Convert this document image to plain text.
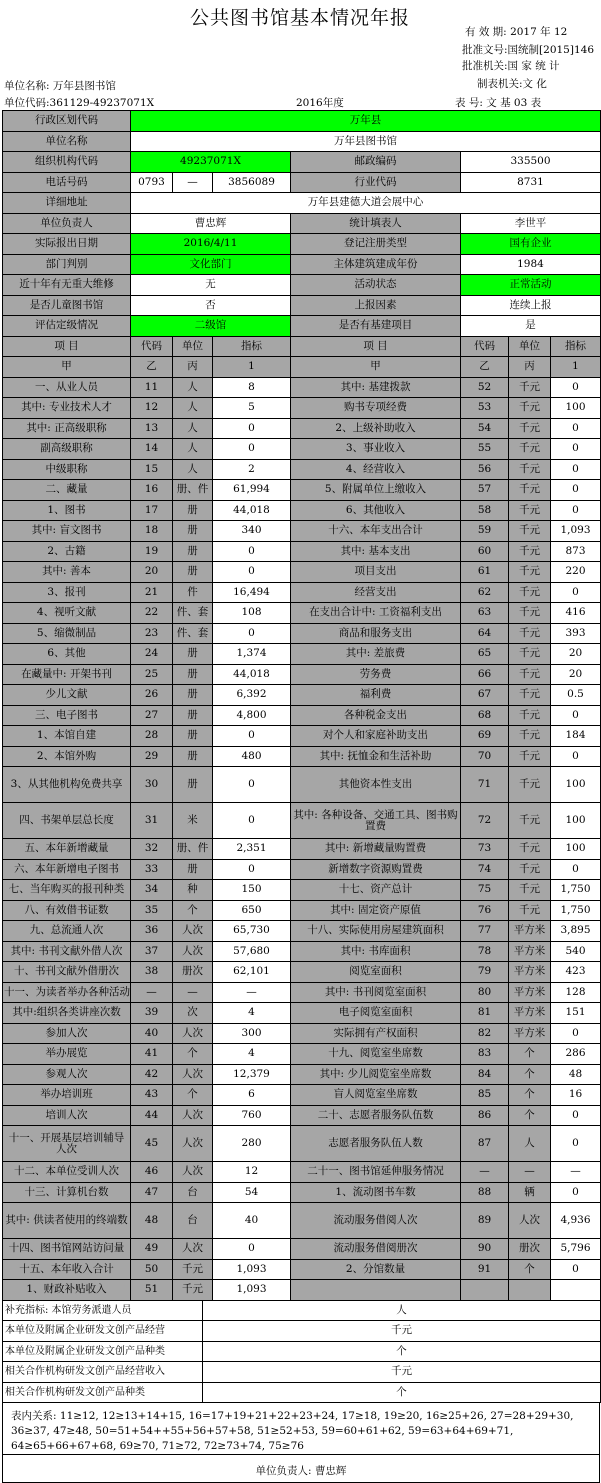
公共图书馆基本情况年报
有 效 期: 2017 年 12
批准文号:国统制[2015]146
批准机关:国 家 统 计
制表机关:文 化
单位名称: 万年县图书馆
单位代码:361129-49237071X	2016年度	表 号: 文 基 03 表
行政区划代码	万年县							
单位名称	万年县图书馆							
组织机构代码	49237071X				邮政编码	335500		
电话号码	0793	—		3856089	行业代码	8731		
详细地址	万年县建德大道会展中心							
单位负责人	曹忠辉				统计填表人	李世平		
实际报出日期	2016/4/11				登记注册类型	国有企业		
部门判别	文化部门				主体建筑建成年份	1984		
近十年有无重大维修	无				活动状态	正常活动		
是否儿童图书馆	否				上报因素	连续上报		
评估定级情况	二级馆				是否有基建项目	是		
项 目	代码	单位		指标	项 目	代码	单位	指标
甲	乙	丙		1	甲	乙	丙	1
一、从业人员	11	人		8	其中: 基建拨款	52	千元	0
其中: 专业技术人才	12	人		5	购书专项经费	53	千元	100
其中: 正高级职称	13	人		0	2、上级补助收入	54	千元	0
副高级职称	14	人		0	3、事业收入	55	千元	0
中级职称	15	人		2	4、经营收入	56	千元	0
二、藏量	16	册、件		61,994	5、附属单位上缴收入	57	千元	0
1、图书	17	册		44,018	6、其他收入	58	千元	0
其中: 盲文图书	18	册		340	十六、本年支出合计	59	千元	1,093
2、古籍	19	册		0	其中: 基本支出	60	千元	873
其中: 善本	20	册		0	项目支出	61	千元	220
3、报刊	21	件		16,494	经营支出	62	千元	0
4、视听文献	22	件、套		108	在支出合计中: 工资福利支出	63	千元	416
5、缩微制品	23	件、套		0	商品和服务支出	64	千元	393
6、其他	24	册		1,374	其中: 差旅费	65	千元	20
在藏量中: 开架书刊	25	册		44,018	劳务费	66	千元	20
少儿文献	26	册		6,392	福利费	67	千元	0.5
三、电子图书	27	册		4,800	各种税金支出	68	千元	0
1、本馆自建	28	册		0	对个人和家庭补助支出	69	千元	184
2、本馆外购	29	册		480	其中: 抚恤金和生活补助	70	千元	0
3、从其他机构免费共享	30	册		0	其他资本性支出	71	千元	100
四、书架单层总长度	31	米		0	其中: 各种设备、交通工具、图书购置费	72	千元	100
五、本年新增藏量	32	册、件		2,351	其中: 新增藏量购置费	73	千元	100
六、本年新增电子图书	33	册		0	新增数字资源购置费	74	千元	0
七、当年购买的报刊种类	34	种		150	十七、资产总计	75	千元	1,750
八、有效借书证数	35	个		650	其中: 固定资产原值	76	千元	1,750
九、总流通人次	36	人次		65,730	十八、实际使用房屋建筑面积	77	平方米	3,895
其中: 书刊文献外借人次	37	人次		57,680	其中: 书库面积	78	平方米	540
十、书刊文献外借册次	38	册次		62,101	阅览室面积	79	平方米	423
十一、为读者举办各种活动	—	—		—	其中: 书刊阅览室面积	80	平方米	128
其中:组织各类讲座次数	39	次		4	电子阅览室面积	81	平方米	151
参加人次	40	人次		300	实际拥有产权面积	82	平方米	0
举办展览	41	个		4	十九、阅览室坐席数	83	个	286
参观人次	42	人次		12,379	其中: 少儿阅览室坐席数	84	个	48
举办培训班	43	个		6	盲人阅览室坐席数	85	个	16
培训人次	44	人次		760	二十、志愿者服务队伍数	86	个	0
十一、开展基层培训辅导人次	45	人次		280	志愿者服务队伍人数	87	人	0
十二、本单位受训人次	46	人次		12	二十一、图书馆延伸服务情况	—	—	—
十三、计算机台数	47	台		54	1、流动图书车数	88	辆	0
其中: 供读者使用的终端数	48	台		40	流动服务借阅人次	89	人次	4,936
十四、图书馆网站访问量	49	人次		0	流动服务借阅册次	90	册次	5,796
十五、本年收入合计	50	千元		1,093	2、分馆数量	91	个	0
1、财政补贴收入	51	千元		1,093				
补充指标: 本馆劳务派遣人员			人					
本单位及附属企业研发文创产品经营			千元					
本单位及附属企业研发文创产品种类			个					
相关合作机构研发文创产品经营收入			千元					
相关合作机构研发文创产品种类			个					
表内关系: 11≥12, 12≥13+14+15, 16=17+19+21+22+23+24, 17≥18, 19≥20, 16≥25+26, 27=28+29+30, 36≥37, 47≥48, 50=51+54++55+56+57+58, 51≥52+53, 59=60+61+62, 59=63+64+69+71, 64≥65+66+67+68, 69≥70, 71≥72, 72≥73+74, 75≥76
单位负责人: 曹忠辉
